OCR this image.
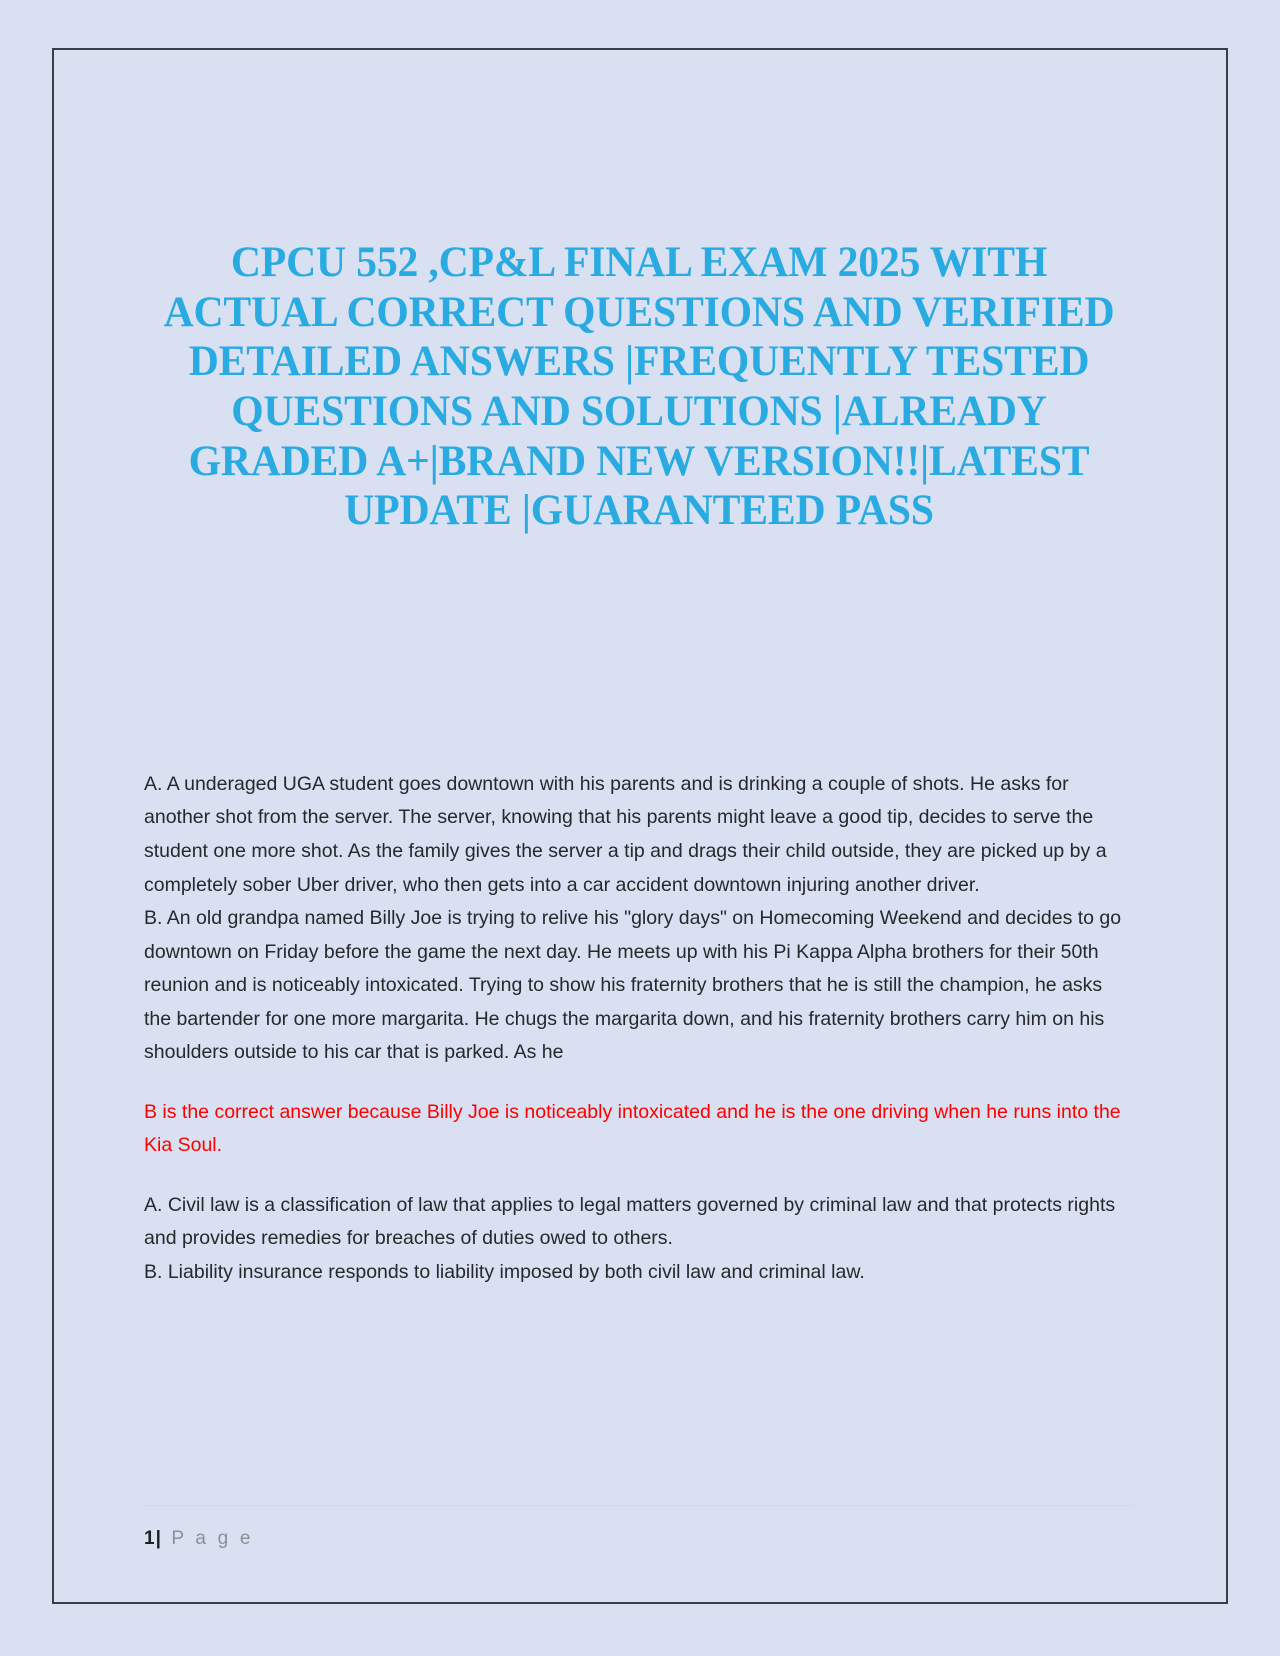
CPCU 552 ,CP&L FINAL EXAM 2025 WITH ACTUAL CORRECT QUESTIONS AND VERIFIED DETAILED ANSWERS |FREQUENTLY TESTED QUESTIONS AND SOLUTIONS |ALREADY GRADED A+|BRAND NEW VERSION!!|LATEST UPDATE |GUARANTEED PASS

A. A underaged UGA student goes downtown with his parents and is drinking a couple of shots. He asks for another shot from the server. The server, knowing that his parents might leave a good tip, decides to serve the student one more shot. As the family gives the server a tip and drags their child outside, they are picked up by a completely sober Uber driver, who then gets into a car accident downtown injuring another driver.

B. An old grandpa named Billy Joe is trying to relive his "glory days" on Homecoming Weekend and decides to go downtown on Friday before the game the next day. He meets up with his Pi Kappa Alpha brothers for their 50th reunion and is noticeably intoxicated. Trying to show his fraternity brothers that he is still the champion, he asks the bartender for one more margarita. He chugs the margarita down, and his fraternity brothers carry him on his shoulders outside to his car that is parked. As he

B is the correct answer because Billy Joe is noticeably intoxicated and he is the one driving when he runs into the Kia Soul.

A. Civil law is a classification of law that applies to legal matters governed by criminal law and that protects rights and provides remedies for breaches of duties owed to others.

B. Liability insurance responds to liability imposed by both civil law and criminal law.

1| P a g e
